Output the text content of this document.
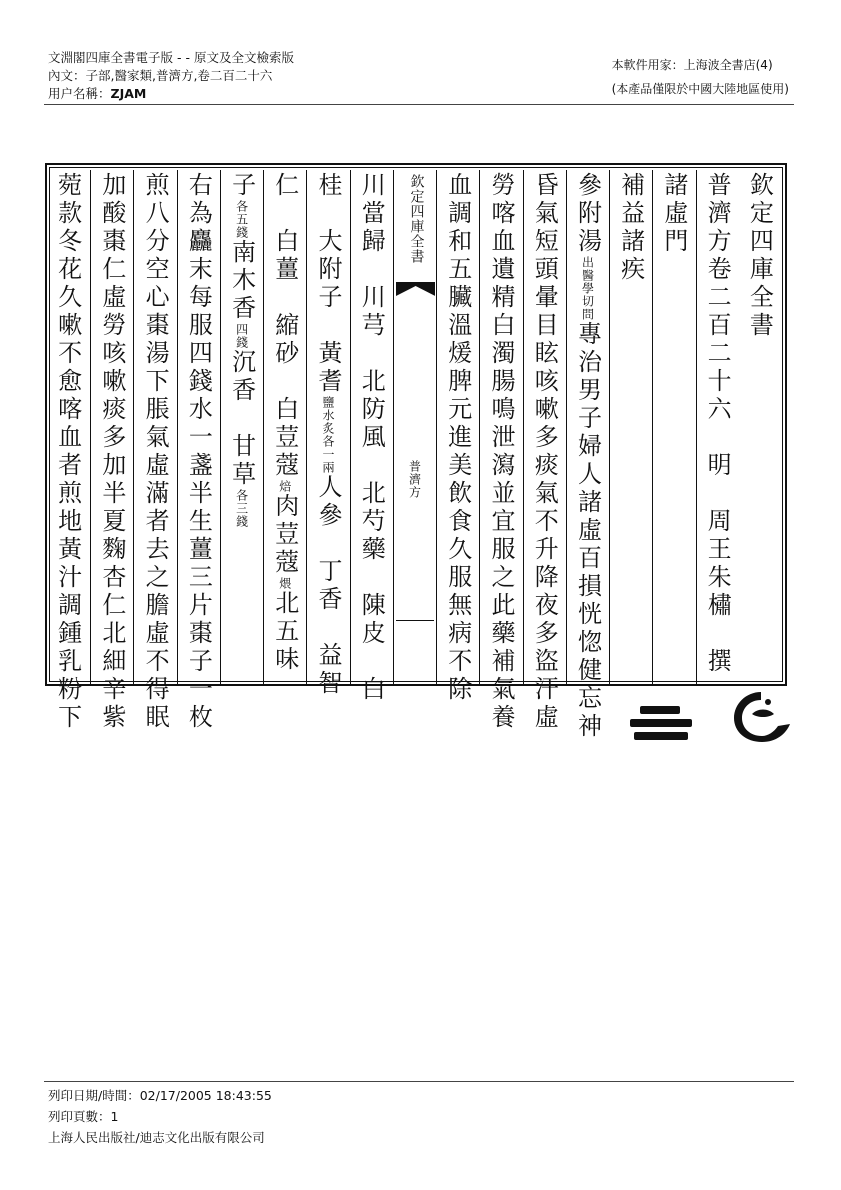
文淵閣四庫全書電子版 - - 原文及全文檢索版
內文：子部,醫家類,普濟方,卷二百二十六
用户名稱：ZJAM
本軟件用家：上海波全書店(4)
(本產品僅限於中國大陸地區使用)
欽定四庫全書
普濟方卷二百二十六　明　周王朱橚　撰
諸虛門
補益諸疾
參附湯出醫學切問專治男子婦人諸虛百損恍惚健忘神
昏氣短頭暈目眩咳嗽多痰氣不升降夜多盜汗虛
勞喀血遺精白濁腸鳴泄瀉並宜服之此藥補氣養
血調和五臟溫煖脾元進美飲食久服無病不除
欽定四庫全書
普濟方
川當歸　川芎　北防風　北芍藥　陳皮　白
桂　大附子　黃耆鹽水炙各一兩人參　丁香　益智
仁　白薑　縮砂　白荳蔻焙肉荳蔻煨北五味
子各五錢南木香四錢沉香　甘草各三錢
右為麤末每服四錢水一盞半生薑三片棗子一枚
煎八分空心棗湯下脹氣虛滿者去之膽虛不得眠
加酸棗仁虛勞咳嗽痰多加半夏麴杏仁北細辛紫
菀款冬花久嗽不愈喀血者煎地黃汁調鍾乳粉下
列印日期/時間：02/17/2005 18:43:55
列印頁數：1
上海人民出版社/迪志文化出版有限公司
